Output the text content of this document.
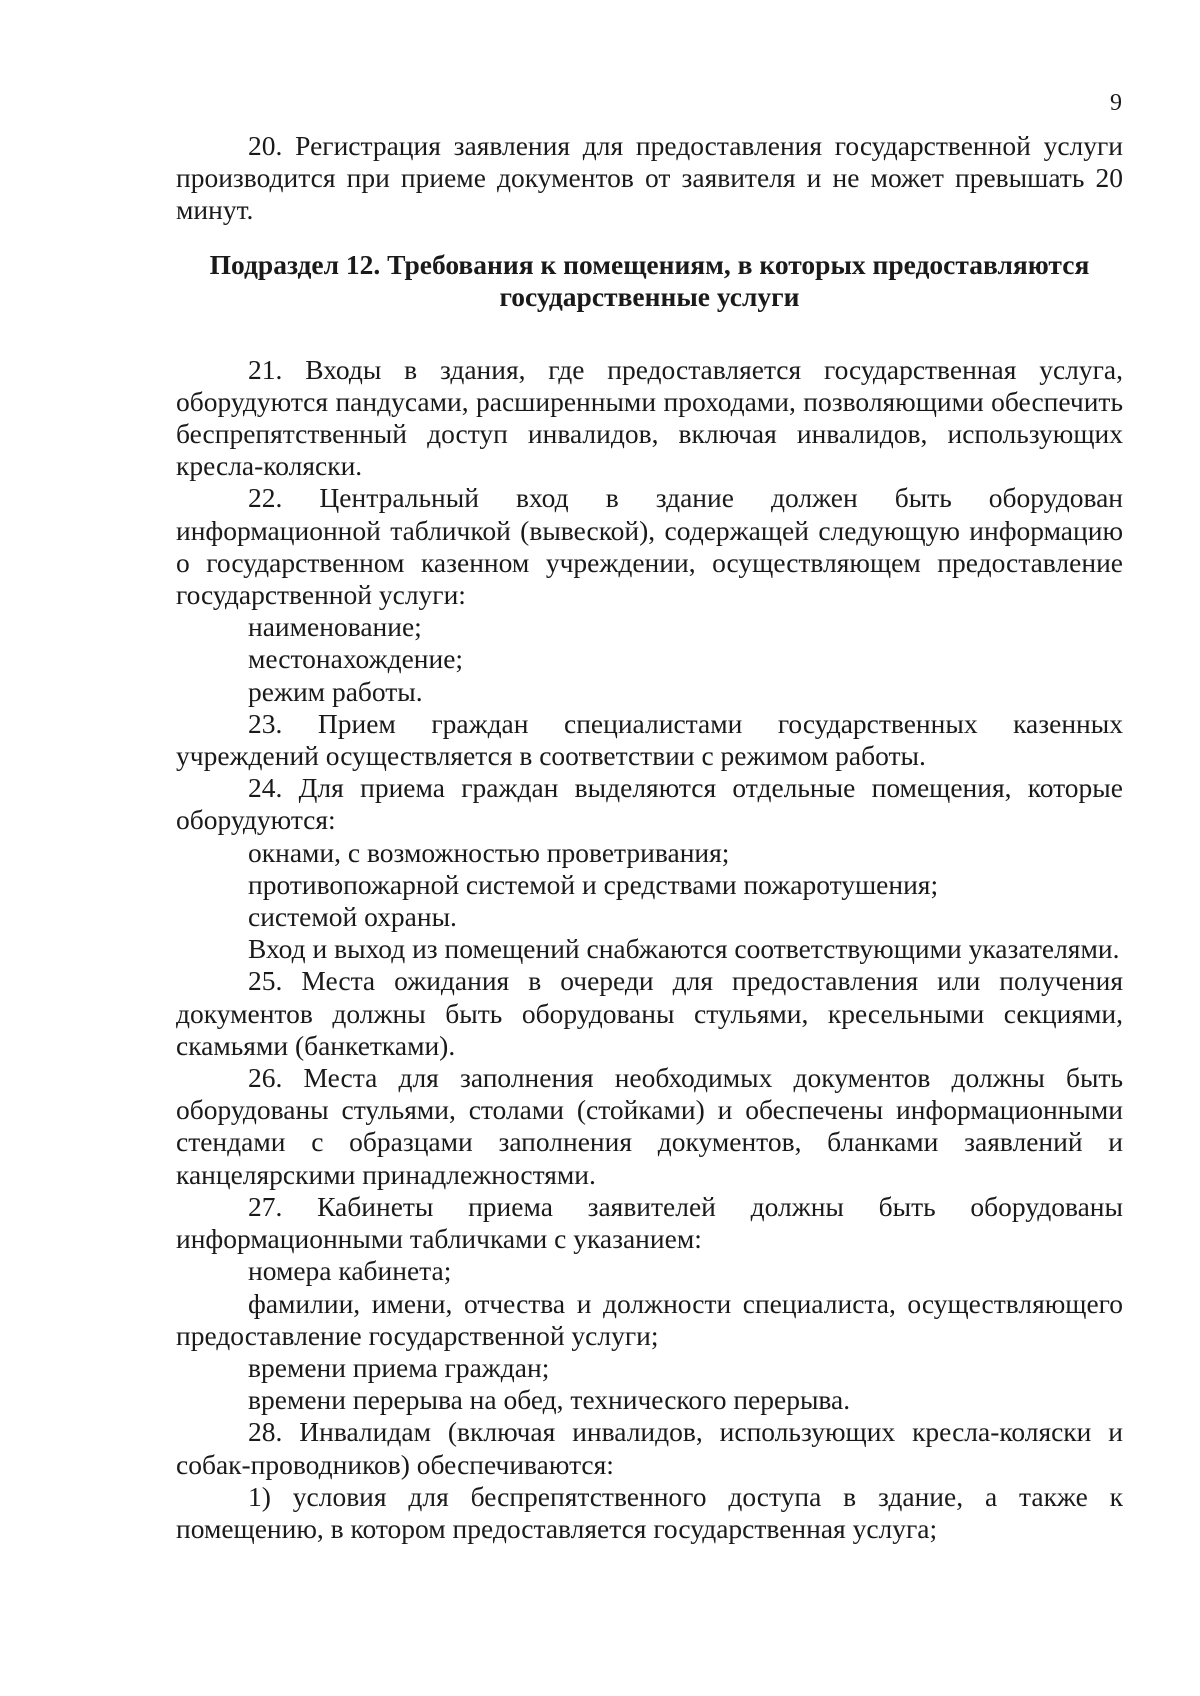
9

20. Регистрация заявления для предоставления государственной услуги производится при приеме документов от заявителя и не может превышать 20 минут.

Подраздел 12. Требования к помещениям, в которых предоставляются государственные услуги

21. Входы в здания, где предоставляется государственная услуга, оборудуются пандусами, расширенными проходами, позволяющими обеспечить беспрепятственный доступ инвалидов, включая инвалидов, использующих кресла-коляски.

22. Центральный вход в здание должен быть оборудован информационной табличкой (вывеской), содержащей следующую информацию о государственном казенном учреждении, осуществляющем предоставление государственной услуги:

наименование;

местонахождение;

режим работы.

23. Прием граждан специалистами государственных казенных учреждений осуществляется в соответствии с режимом работы.

24. Для приема граждан выделяются отдельные помещения, которые оборудуются:

окнами, с возможностью проветривания;

противопожарной системой и средствами пожаротушения;

системой охраны.

Вход и выход из помещений снабжаются соответствующими указателями.

25. Места ожидания в очереди для предоставления или получения документов должны быть оборудованы стульями, кресельными секциями, скамьями (банкетками).

26. Места для заполнения необходимых документов должны быть оборудованы стульями, столами (стойками) и обеспечены информационными стендами с образцами заполнения документов, бланками заявлений и канцелярскими принадлежностями.

27. Кабинеты приема заявителей должны быть оборудованы информационными табличками с указанием:

номера кабинета;

фамилии, имени, отчества и должности специалиста, осуществляющего предоставление государственной услуги;

времени приема граждан;

времени перерыва на обед, технического перерыва.

28. Инвалидам (включая инвалидов, использующих кресла-коляски и собак-проводников) обеспечиваются:

1) условия для беспрепятственного доступа в здание, а также к помещению, в котором предоставляется государственная услуга;
